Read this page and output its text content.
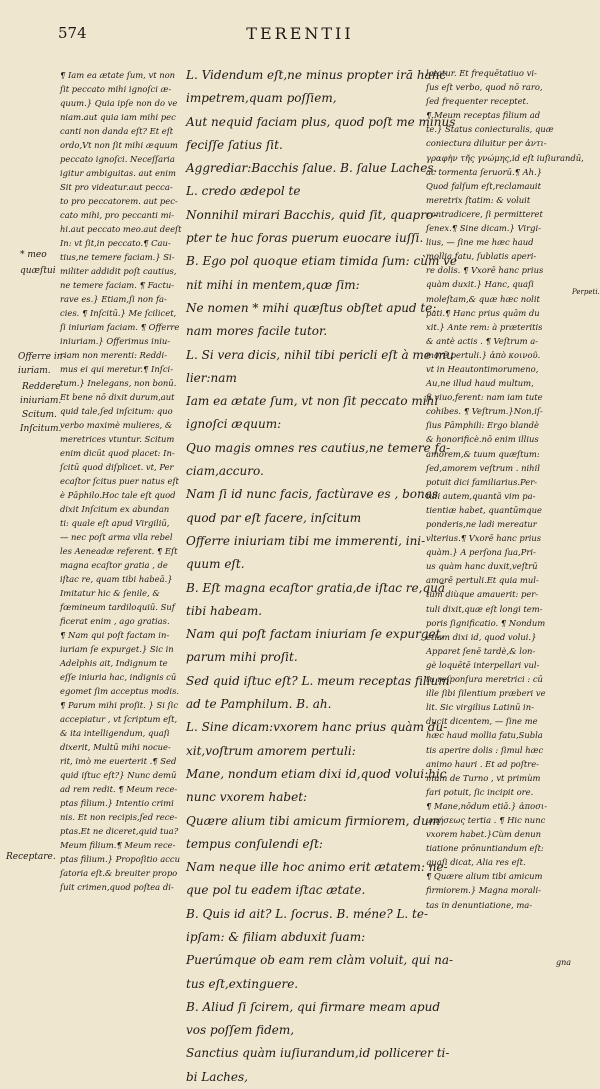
574	TERENTII
¶ Iam ea ætate ſum, vt non
ſit peccato mihi ignoſci æ-
quum.} Quia ipſe non do ve
niam.aut quia iam mihi pec
canti non danda eſt? Et eſt
ordo,Vt non ſit mihi æquum
peccato ignoſci. Neceſſaria
igitur ambiguitas. aut enim
Sit pro videatur.aut pecca-
to pro peccatorem. aut pec-
cato mihi, pro peccanti mi-
hi.aut peccato meo.aut deeſt
In: vt ſit,in peccato.¶ Cau-
tius,ne temere faciam.} Si-
militer addidit poſt cautius,
ne temere faciam. ¶ Factu-
rave es.} Etiam,ſi non fa-
cies. ¶ Inſcitū.} Me ſcilicet,
ſi iniuriam faciam. ¶ Offerre
iniuriam.} Offerimus iniu-
riam non merenti: Reddi-
mus ei qui meretur.¶ Inſci-
tum.} Inelegans, non bonū.
Et bene nō dixit durum,aut
quid tale,ſed inſcitum: quo
verbo maximè mulieres, &
meretrices vtuntur. Scitum
enim dicūt quod placet: In-
ſcitū quod diſplicet. vt, Per
ecaſtor ſcitus puer natus eſt
è Pāphilo.Hoc tale eſt quod
dixit Inſcitum ex abundan
ti: quale eſt apud Virgiliū,
— nec poſt arma vlla rebel
les Aeneadæ referent. ¶ Eſt
magna ecaſtor gratia , de
iſtac re, quam tibi habeā.}
Imitatur hic & ſenile, &
fœmineum tardiloquiū. Suf
ficerat enim , ago gratias.
¶ Nam qui poſt factam in-
iuriam ſe expurget.} Sic in
Adelphis ait, Indignum te
eſſe iniuria hac, indignis cū
egomet ſim acceptus modis.
¶ Parum mihi proſit. } Si ſic
accepiatur , vt ſcriptum eſt,
& ita intelligendum, quaſi
dixerit, Multū mihi nocue-
rit, imò me euerterit .¶ Sed
quid iſtuc eſt?} Nunc demū
ad rem redit. ¶ Meum rece-
ptas filium.} Intentio crimi
nis. Et non recipis,ſed rece-
ptas.Et ne diceret,quid tua?
Meum filium.¶ Meum rece-
ptas filium.} Propoſitio accu
ſatoria eſt.& breuiter propo
ſuit crimen,quod poſtea di-
L. Videndum eſt,ne minus propter irā hanc
impetrem,quam poſſiem,
Aut nequid faciam plus, quod poſt me minus
feciſſe ſatius ſit.
Aggrediar:Bacchis ſalue. B. ſalue Laches.
L. credo ædepol te
Nonnihil mirari Bacchis, quid ſit, quapro-
pter te huc foras puerum euocare iuſſi.
B. Ego pol quoque etiam timida ſum: cùm ve
nit mihi in mentem,quæ ſim:
Ne nomen * mihi quæſtus obſtet apud te:
nam mores facile tutor.
L. Si vera dicis, nihil tibi pericli eſt à me mu
lier:nam
Iam ea ætate ſum, vt non ſit peccato mihi
ignoſci æquum:
Quo magis omnes res cautius,ne temere fa-
ciam,accuro.
Nam ſi id nunc facis, factùrave es , bonas
quod par eſt facere, inſcitum
Offerre iniuriam tibi me immerenti, ini-
quum eſt.
B. Eſt magna ecaſtor gratia,de iſtac re,quā
tibi habeam.
Nam qui poſt factam iniuriam ſe expurget,
parum mihi proſit.
Sed quid iſtuc eſt? L. meum receptas filium
ad te Pamphilum. B. ah.
L. Sine dicam:vxorem hanc prius quàm du-
xit,voſtrum amorem pertuli:
Mane, nondum etiam dixi id,quod volui:hic
nunc vxorem habet:
Quære alium tibi amicum firmiorem, dum
tempus conſulendi eſt:
Nam neque ille hoc animo erit ætatem: ne-
que pol tu eadem iſtac ætate.
B. Quis id ait? L. ſocrus. B. méne? L. te-
ipſam: & filiam abduxit ſuam:
Puerúmque ob eam rem clàm voluit, qui na-
tus eſt,extinguere.
B. Aliud ſi ſcirem, qui firmare meam apud
vos poſſem fidem,
Sanctius quàm iuſiurandum,id pollicerer ti-
bi Laches,
latatur. Et frequētatiuo vi-
ſus eſt verbo, quod nō raro,
ſed frequenter receptet.
¶ Meum receptas filium ad
te.} Status coniecturalis, quæ
coniectura diluitur per ἀντι-
γραφὴν τῆς γνώμης,id eſt iuſiurandū,
ac tormenta ſeruorū.¶ Ah.}
Quod falſum eſt,reclamauit
meretrix ſtatim: & voluit
contradicere, ſi permitteret
ſenex.¶ Sine dicam.} Virgi-
lius, — ſine me hæc haud
mollia fatu, ſublatis aperi-
re dolis. ¶ Vxorē hanc prius
quàm duxit.} Hanc, quaſi
moleſtam,& quæ hæc nolit
pati.¶ Hanc prius quām du
xit.} Ante rem: à præteritis
& antè actis . ¶ Veſtrum a-
morē pertuli.} ἀπὸ κοινοῦ.
vt in Heautontimorumeno,
Au,ne illud haud multum,
ſi viuo,ferent: nam iam tute
cohibes. ¶ Veſtrum.}Non,iſ-
ſius Pāmphili: Ergo blandè
& honorificè.nō enim illius
amorem,& tuum quæſtum:
ſed,amorem veſtrum . nihil
potuit dici familiarius.Per-
tuli autem,quantā vim pa-
tientiæ habet, quantūmque
ponderis,ne ladi mereatur
vlterius.¶ Vxorē hanc prius
quàm.} A perſona ſua,Pri-
us quàm hanc duxit,veſtrū
amorē pertuli.Et quia mul-
tum diùque amauerit: per-
tuli dixit,quæ eſt longi tem-
poris ſignificatio. ¶ Nondum
etiam dixi id, quod volui.}
Apparet ſenē tardè,& lon-
gè loquētē interpellari vul-
tu reſponſura meretrici : cū
ille ſibi ſilentium præberi ve
lit. Sic virgilius Latinū in-
ducit dicentem, — ſine me
hæc haud mollia fatu,Subla
tis aperire dolis : ſimul hæc
animo hauri . Et ad poſtre-
mum de Turno , vt primùm
fari potuit, ſic incipit ore.
¶ Mane,nōdum etiā.} ἀποσι-
ωπήσεως tertia . ¶ Hic nunc
vxorem habet.}Cùm denun
tiatione prōnuntiandum eſt:
quaſi dicat, Alia res eſt.
¶ Quære alium tibi amicum
firmiorem.} Magna morali-
tas in denuntiatione, ma-
* meo
quæſtui
Offerre in-
iuriam.
Reddere
iniuriam.
Scitum.
Inſcitum.
Receptare.
Perpeti.
gna
